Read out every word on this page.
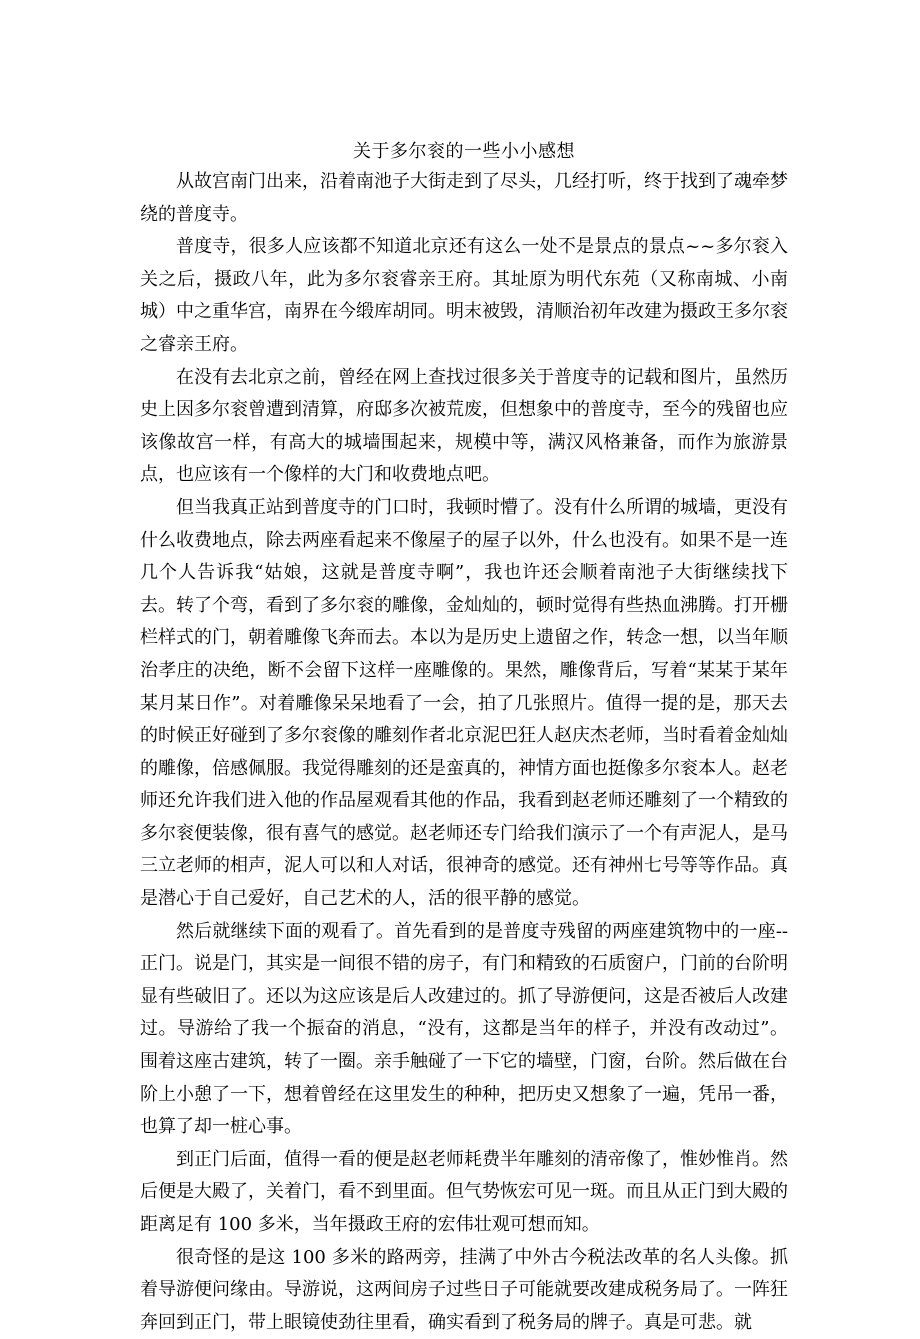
关于多尔衮的一些小小感想

从故宫南门出来，沿着南池子大街走到了尽头，几经打听，终于找到了魂牵梦绕的普度寺。

普度寺，很多人应该都不知道北京还有这么一处不是景点的景点~~多尔衮入关之后，摄政八年，此为多尔衮睿亲王府。其址原为明代东苑（又称南城、小南城）中之重华宫，南界在今缎库胡同。明末被毁，清顺治初年改建为摄政王多尔衮之睿亲王府。

在没有去北京之前，曾经在网上查找过很多关于普度寺的记载和图片，虽然历史上因多尔衮曾遭到清算，府邸多次被荒废，但想象中的普度寺，至今的残留也应该像故宫一样，有高大的城墙围起来，规模中等，满汉风格兼备，而作为旅游景点，也应该有一个像样的大门和收费地点吧。

但当我真正站到普度寺的门口时，我顿时懵了。没有什么所谓的城墙，更没有什么收费地点，除去两座看起来不像屋子的屋子以外，什么也没有。如果不是一连几个人告诉我“姑娘，这就是普度寺啊”，我也许还会顺着南池子大街继续找下去。转了个弯，看到了多尔衮的雕像，金灿灿的，顿时觉得有些热血沸腾。打开栅栏样式的门，朝着雕像飞奔而去。本以为是历史上遗留之作，转念一想，以当年顺治孝庄的决绝，断不会留下这样一座雕像的。果然，雕像背后，写着“某某于某年某月某日作”。对着雕像呆呆地看了一会，拍了几张照片。值得一提的是，那天去的时候正好碰到了多尔衮像的雕刻作者北京泥巴狂人赵庆杰老师，当时看着金灿灿的雕像，倍感佩服。我觉得雕刻的还是蛮真的，神情方面也挺像多尔衮本人。赵老师还允许我们进入他的作品屋观看其他的作品，我看到赵老师还雕刻了一个精致的多尔衮便装像，很有喜气的感觉。赵老师还专门给我们演示了一个有声泥人，是马三立老师的相声，泥人可以和人对话，很神奇的感觉。还有神州七号等等作品。真是潜心于自己爱好，自己艺术的人，活的很平静的感觉。

然后就继续下面的观看了。首先看到的是普度寺残留的两座建筑物中的一座--正门。说是门，其实是一间很不错的房子，有门和精致的石质窗户，门前的台阶明显有些破旧了。还以为这应该是后人改建过的。抓了导游便问，这是否被后人改建过。导游给了我一个振奋的消息，“没有，这都是当年的样子，并没有改动过”。围着这座古建筑，转了一圈。亲手触碰了一下它的墙壁，门窗，台阶。然后做在台阶上小憩了一下，想着曾经在这里发生的种种，把历史又想象了一遍，凭吊一番，也算了却一桩心事。

到正门后面，值得一看的便是赵老师耗费半年雕刻的清帝像了，惟妙惟肖。然后便是大殿了，关着门，看不到里面。但气势恢宏可见一斑。而且从正门到大殿的距离足有 100 多米，当年摄政王府的宏伟壮观可想而知。

很奇怪的是这 100 多米的路两旁，挂满了中外古今税法改革的名人头像。抓着导游便问缘由。导游说，这两间房子过些日子可能就要改建成税务局了。一阵狂奔回到正门，带上眼镜使劲往里看，确实看到了税务局的牌子。真是可悲。就
